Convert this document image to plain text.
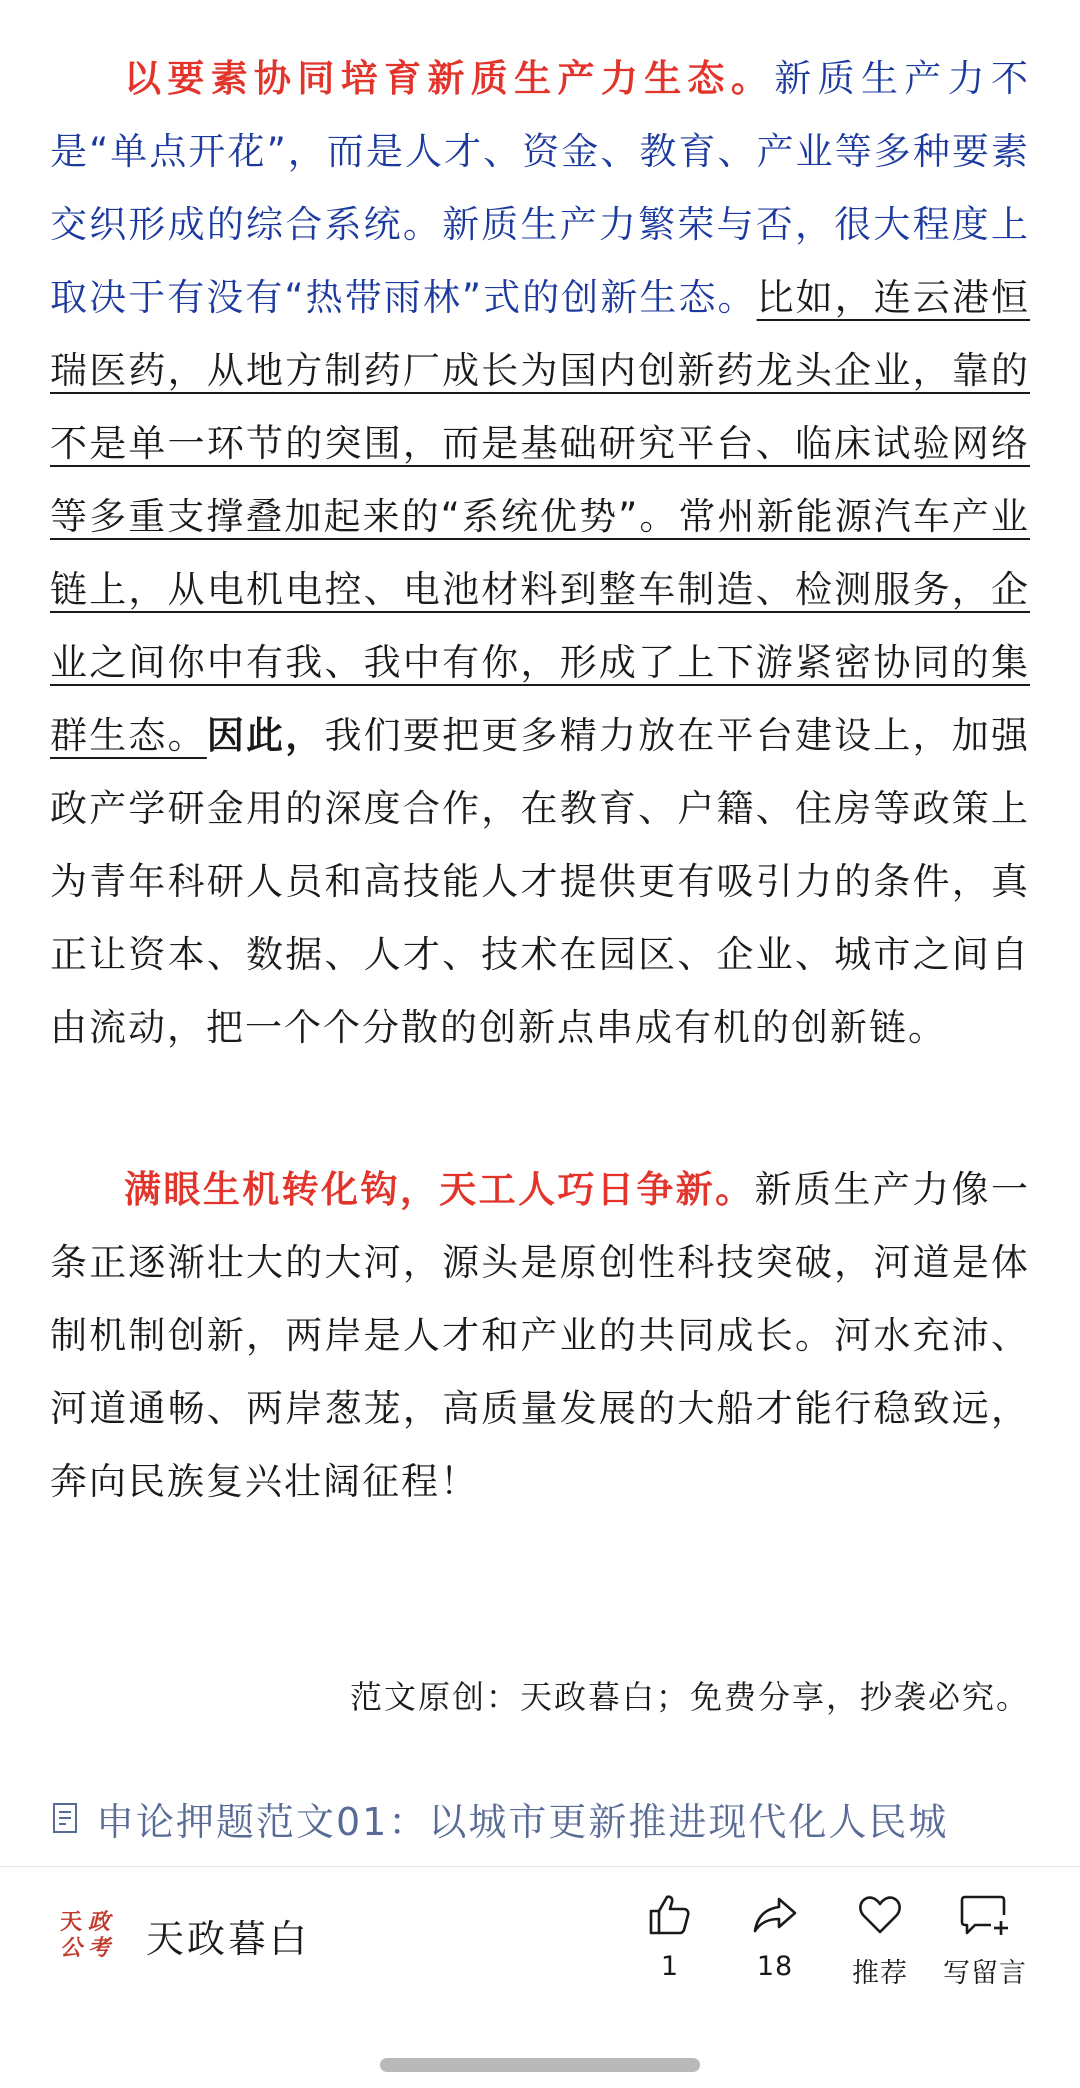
以要素协同培育新质生产力生态。新质生产力不是“单点开花”，而是人才、资金、教育、产业等多种要素交织形成的综合系统。新质生产力繁荣与否，很大程度上取决于有没有“热带雨林”式的创新生态。比如，连云港恒瑞医药，从地方制药厂成长为国内创新药龙头企业，靠的不是单一环节的突围，而是基础研究平台、临床试验网络等多重支撑叠加起来的“系统优势”。常州新能源汽车产业链上，从电机电控、电池材料到整车制造、检测服务，企业之间你中有我、我中有你，形成了上下游紧密协同的集群生态。因此，我们要把更多精力放在平台建设上，加强政产学研金用的深度合作，在教育、户籍、住房等政策上为青年科研人员和高技能人才提供更有吸引力的条件，真正让资本、数据、人才、技术在园区、企业、城市之间自由流动，把一个个分散的创新点串成有机的创新链。

满眼生机转化钩，天工人巧日争新。新质生产力像一条正逐渐壮大的大河，源头是原创性科技突破，河道是体制机制创新，两岸是人才和产业的共同成长。河水充沛、河道通畅、两岸葱茏，高质量发展的大船才能行稳致远，奔向民族复兴壮阔征程！

范文原创：天政暮白；免费分享，抄袭必究。
申论押题范文01：以城市更新推进现代化人民城
天 政
公 考 天政暮白
1	18	推荐	写留言
